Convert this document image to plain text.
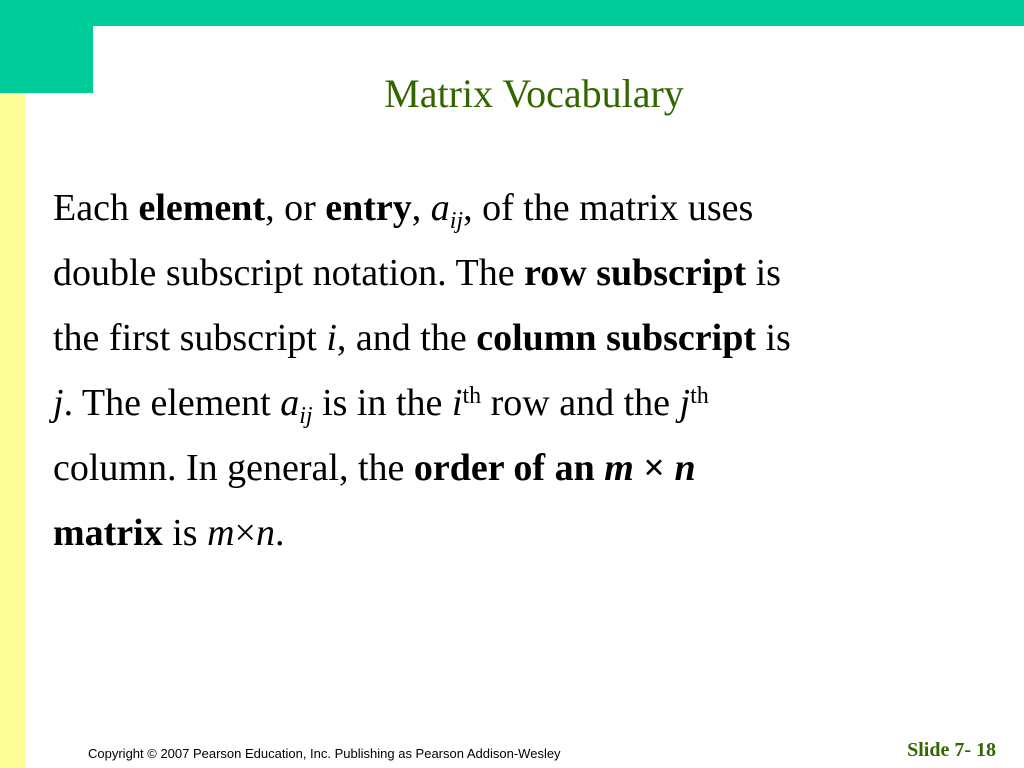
Matrix Vocabulary
Each element, or entry, $a_{ij}$, of the matrix uses
double subscript notation. The row subscript is
the first subscript i, and the column subscript is
j. The element $a_{ij}$ is in the $i^{th}$ row and the $j^{th}$
column. In general, the order of an m × n
matrix is m×n.
Copyright © 2007 Pearson Education, Inc. Publishing as Pearson Addison-Wesley	Slide 7- 18
